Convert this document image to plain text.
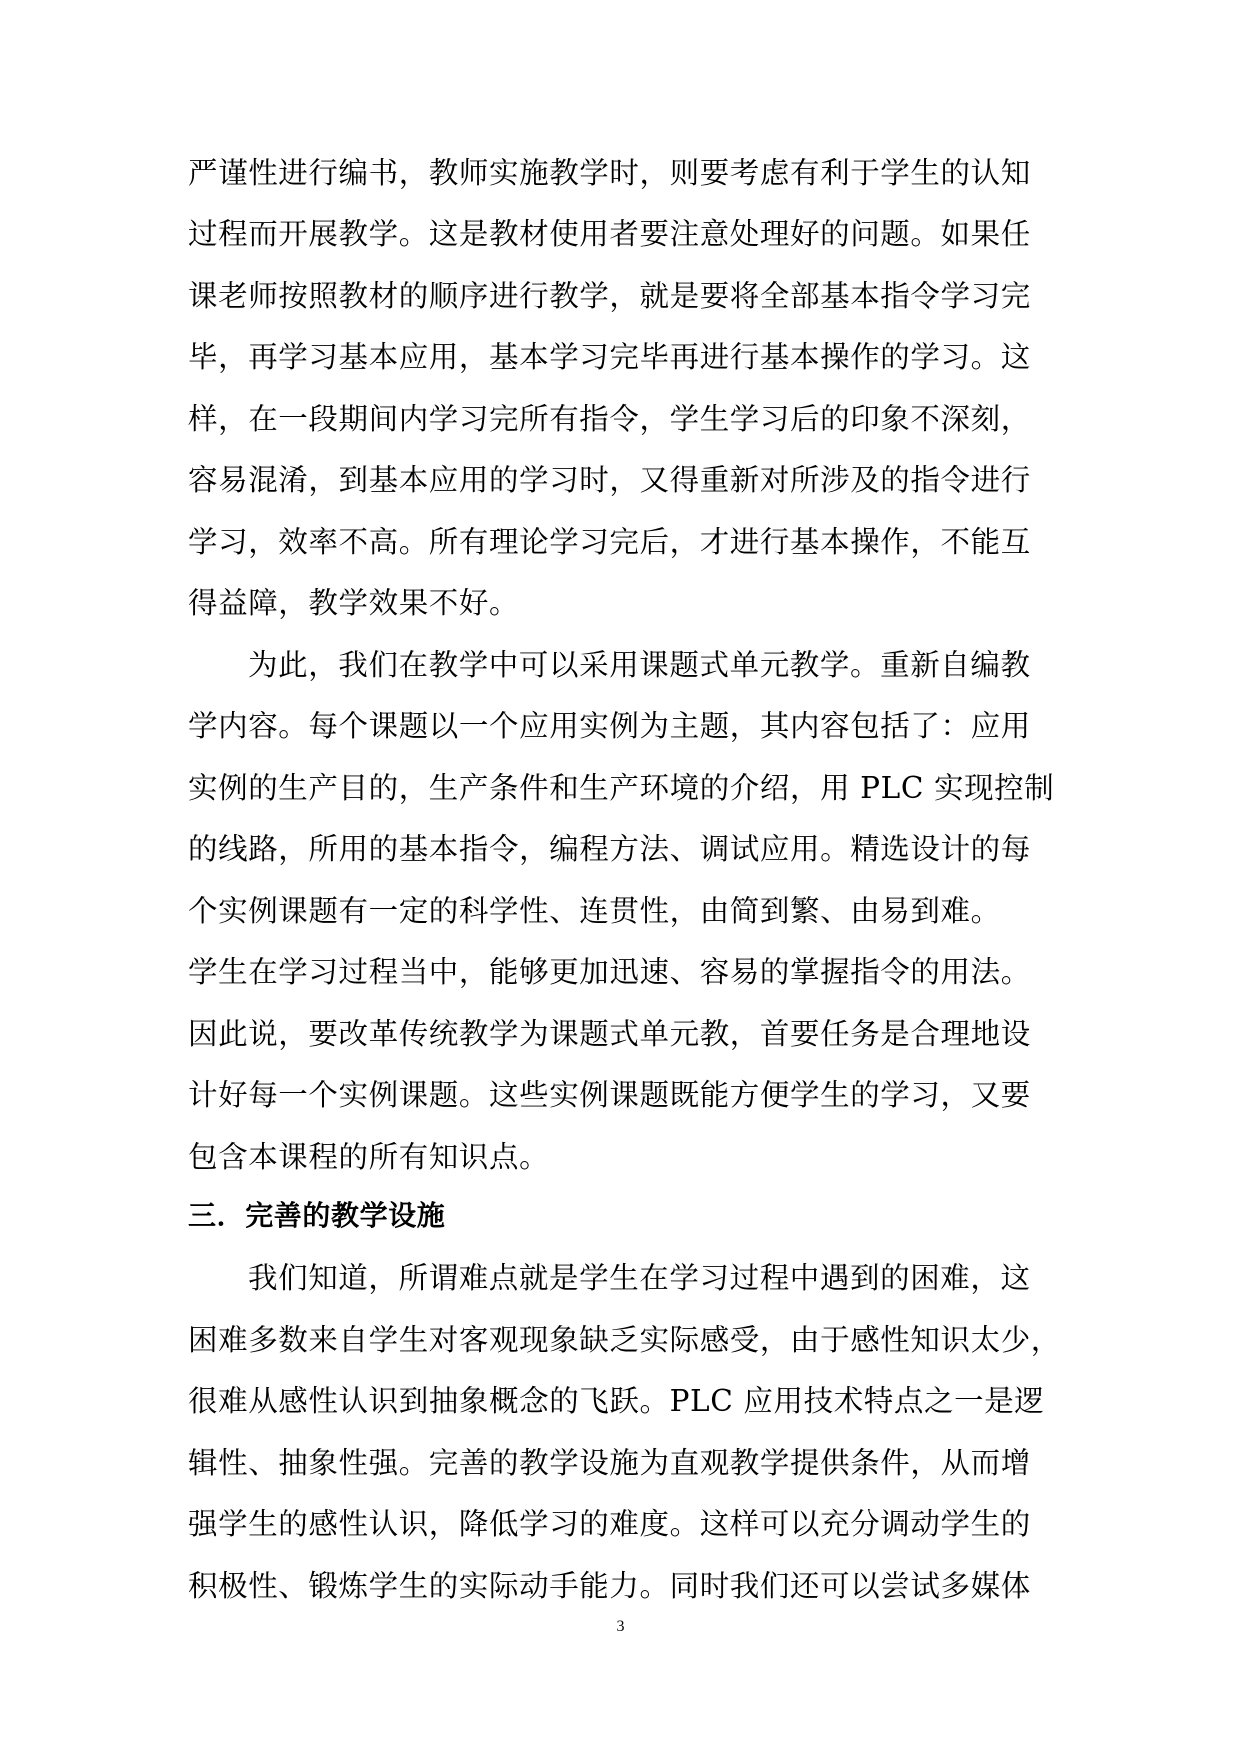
严谨性进行编书，教师实施教学时，则要考虑有利于学生的认知
过程而开展教学。这是教材使用者要注意处理好的问题。如果任
课老师按照教材的顺序进行教学，就是要将全部基本指令学习完
毕，再学习基本应用，基本学习完毕再进行基本操作的学习。这
样，在一段期间内学习完所有指令，学生学习后的印象不深刻，
容易混淆，到基本应用的学习时，又得重新对所涉及的指令进行
学习，效率不高。所有理论学习完后，才进行基本操作，不能互
得益障，教学效果不好。
为此，我们在教学中可以采用课题式单元教学。重新自编教
学内容。每个课题以一个应用实例为主题，其内容包括了：应用
实例的生产目的，生产条件和生产环境的介绍，用 PLC 实现控制
的线路，所用的基本指令，编程方法、调试应用。精选设计的每
个实例课题有一定的科学性、连贯性，由简到繁、由易到难。
学生在学习过程当中，能够更加迅速、容易的掌握指令的用法。
因此说，要改革传统教学为课题式单元教，首要任务是合理地设
计好每一个实例课题。这些实例课题既能方便学生的学习，又要
包含本课程的所有知识点。
三．完善的教学设施
我们知道，所谓难点就是学生在学习过程中遇到的困难，这
困难多数来自学生对客观现象缺乏实际感受，由于感性知识太少，
很难从感性认识到抽象概念的飞跃。PLC 应用技术特点之一是逻
辑性、抽象性强。完善的教学设施为直观教学提供条件，从而增
强学生的感性认识，降低学习的难度。这样可以充分调动学生的
积极性、锻炼学生的实际动手能力。同时我们还可以尝试多媒体
3
